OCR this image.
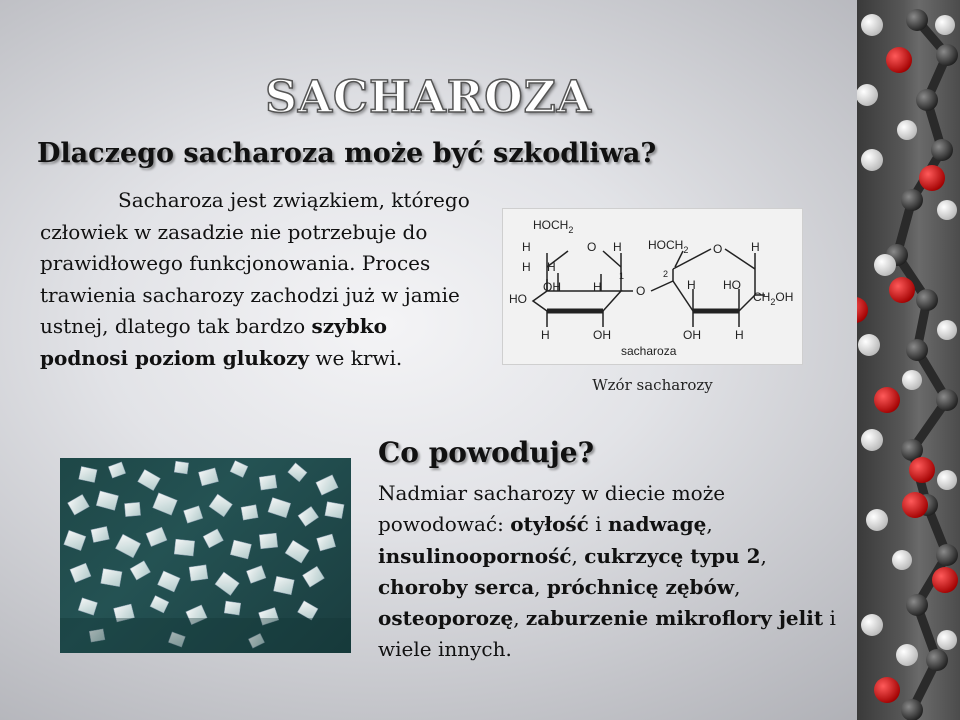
SACHAROZA
Dlaczego sacharoza może być szkodliwa?

Sacharoza jest związkiem, którego człowiek w zasadzie nie potrzebuje do prawidłowego funkcjonowania. Proces trawienia sacharozy zachodzi już w jamie ustnej, dlatego tak bardzo szybko podnosi poziom glukozy we krwi.

$HOCH_2$
H	O H
H H
1
OH	H
HO
O
H	OH
$HOCH_2$ O H
2
H HO
$CH_2OH$
OH	H
sacharoza
Wzór sacharozy
Co powoduje?

Nadmiar sacharozy w diecie może powodować: otyłość i nadwagę, insulinooporność, cukrzycę typu 2, choroby serca, próchnicę zębów, osteoporozę, zaburzenie mikroflory jelit i wiele innych.
